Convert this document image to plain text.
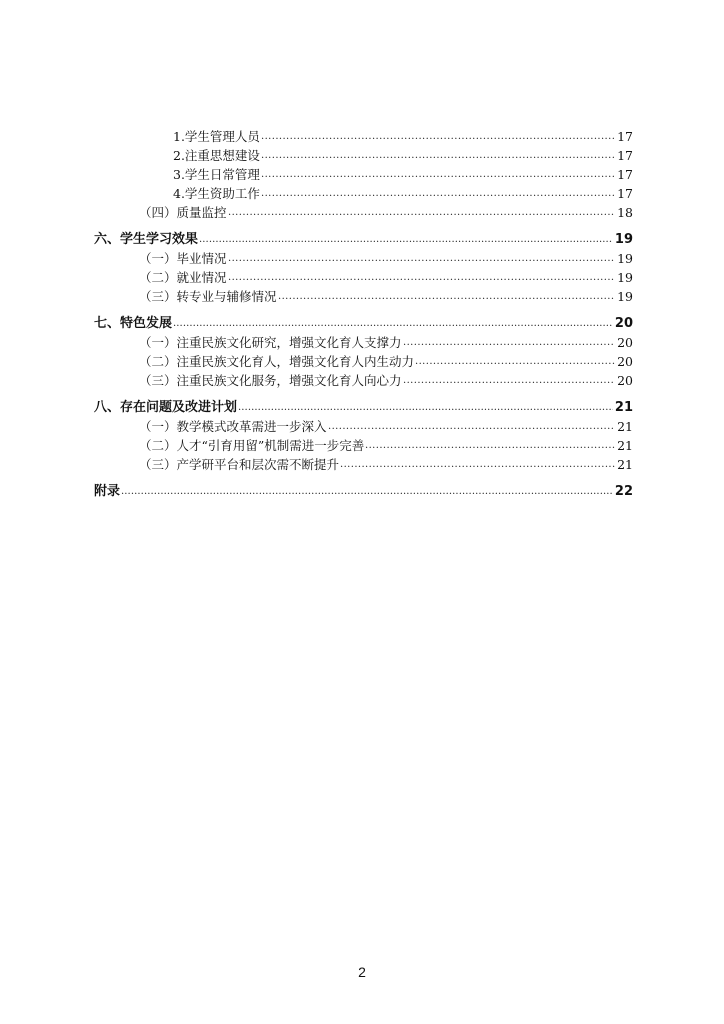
1.学生管理人员 .....	17
2.注重思想建设 .....	17
3.学生日常管理 .....	17
4.学生资助工作 .....	17
（四）质量监控 .....	18
六、学生学习效果 .....	19
（一）毕业情况 .....	19
（二）就业情况 .....	19
（三）转专业与辅修情况 .....	19
七、特色发展 .....	20
（一）注重民族文化研究，增强文化育人支撑力 .....	20
（二）注重民族文化育人，增强文化育人内生动力 .....	20
（三）注重民族文化服务，增强文化育人向心力 .....	20
八、存在问题及改进计划 .....	21
（一）教学模式改革需进一步深入 .....	21
（二）人才“引育用留”机制需进一步完善 .....	21
（三）产学研平台和层次需不断提升 .....	21
附录 .....	22
2
